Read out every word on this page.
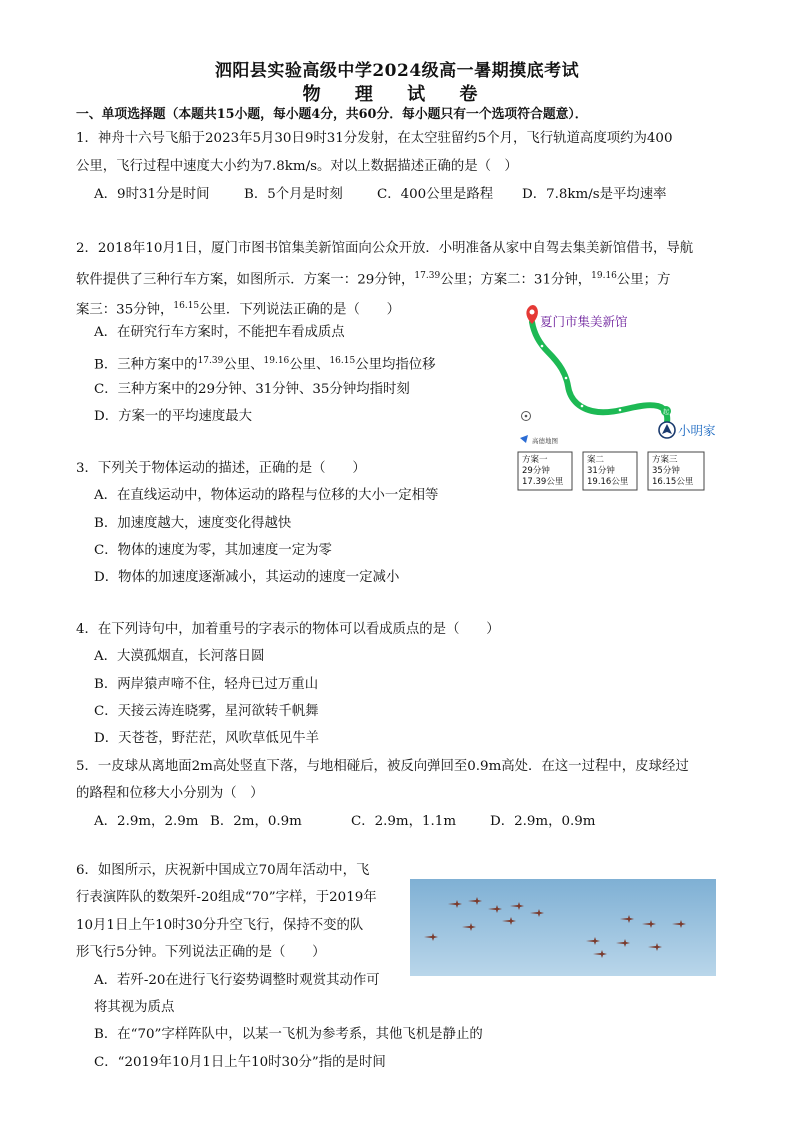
泗阳县实验高级中学2024级高一暑期摸底考试
物 理 试 卷
一、单项选择题（本题共15小题，每小题4分，共60分．每小题只有一个选项符合题意）．
1．神舟十六号飞船于2023年5月30日9时31分发射，在太空驻留约5个月，飞行轨道高度项约为400
公里，飞行过程中速度大小约为7.8km/s。对以上数据描述正确的是（　）
A．9时31分是时间	B．5个月是时刻	C．400公里是路程 D．7.8km/s是平均速率
2．2018年10月1日，厦门市图书馆集美新馆面向公众开放．小明准备从家中自驾去集美新馆借书，导航
软件提供了三种行车方案，如图所示．方案一：29分钟，$^{17.39}$公里；方案二：31分钟，$^{19.16}$公里；方
案三：35分钟，$^{16.15}$公里．下列说法正确的是（　　）
A．在研究行车方案时，不能把车看成质点
B．三种方案中的$^{17.39}$公里、$^{19.16}$公里、$^{16.15}$公里均指位移
C．三种方案中的29分钟、31分钟、35分钟均指时刻
D．方案一的平均速度最大
夏门市集美新馆
起
小明家
高德地图
方案一
29分钟
17.39公里
案二
31分钟
19.16公里
方案三
35分钟
16.15公里
3．下列关于物体运动的描述，正确的是（　　）
A．在直线运动中，物体运动的路程与位移的大小一定相等
B．加速度越大，速度变化得越快
C．物体的速度为零，其加速度一定为零
D．物体的加速度逐渐减小，其运动的速度一定减小
4．在下列诗句中，加着重号的字表示的物体可以看成质点的是（　　）
A．大漠孤烟直，长河落日圆
B．两岸猿声啼不住，轻舟已过万重山
C．天接云涛连晓雾，星河欲转千帆舞
D．天苍苍，野茫茫，风吹草低见牛羊
5．一皮球从离地面2m高处竖直下落，与地相碰后，被反向弹回至0.9m高处．在这一过程中，皮球经过
的路程和位移大小分别为（　）
A．2.9m，2.9m B．2m，0.9m	C．2.9m，1.1m	D．2.9m，0.9m
6．如图所示，庆祝新中国成立70周年活动中，飞
行表演阵队的数架歼-20组成“70”字样，于2019年
10月1日上午10时30分升空飞行，保持不变的队
形飞行5分钟。下列说法正确的是（　　）
A．若歼-20在进行飞行姿势调整时观赏其动作可
将其视为质点
B．在“70”字样阵队中，以某一飞机为参考系，其他飞机是静止的
C．“2019年10月1日上午10时30分”指的是时间
